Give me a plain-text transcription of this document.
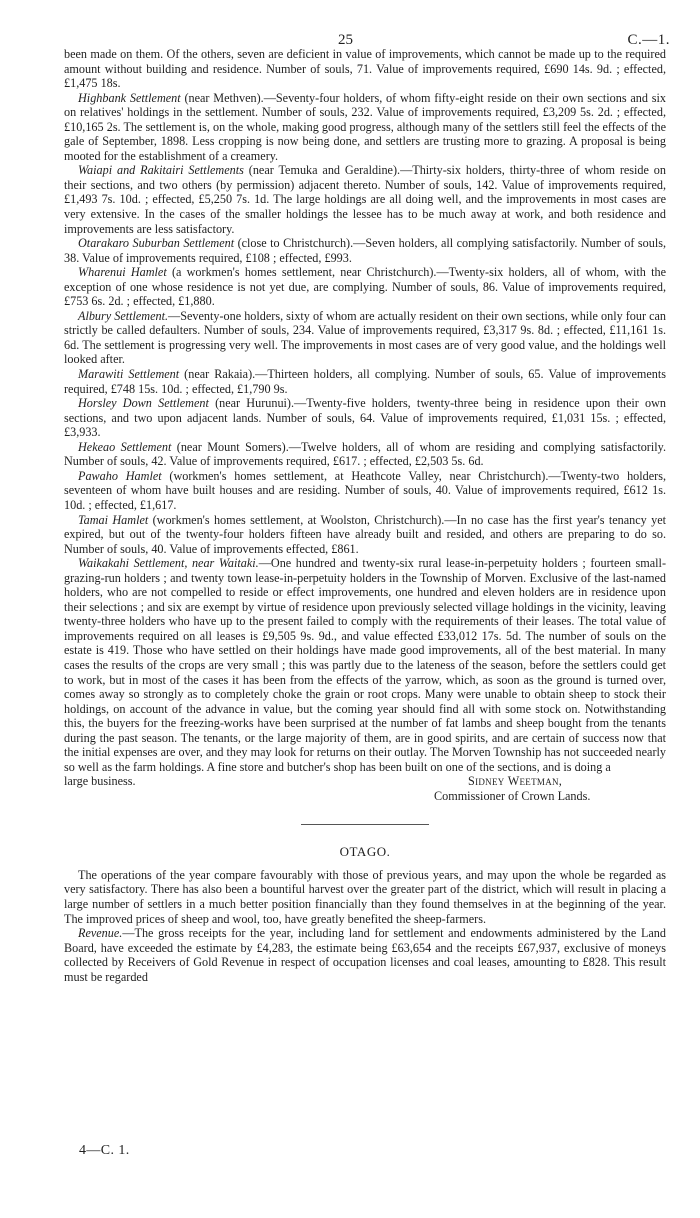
25	C.—1.

been made on them. Of the others, seven are deficient in value of improvements, which cannot be made up to the required amount without building and residence. Number of souls, 71. Value of improvements required, £690 14s. 9d. ; effected, £1,475 18s.

Highbank Settlement (near Methven).—Seventy-four holders, of whom fifty-eight reside on their own sections and six on relatives' holdings in the settlement. Number of souls, 232. Value of improvements required, £3,209 5s. 2d. ; effected, £10,165 2s. The settlement is, on the whole, making good progress, although many of the settlers still feel the effects of the gale of September, 1898. Less cropping is now being done, and settlers are trusting more to grazing. A proposal is being mooted for the establishment of a creamery.

Waiapi and Rakitairi Settlements (near Temuka and Geraldine).—Thirty-six holders, thirty-three of whom reside on their sections, and two others (by permission) adjacent thereto. Number of souls, 142. Value of improvements required, £1,493 7s. 10d. ; effected, £5,250 7s. 1d. The large holdings are all doing well, and the improvements in most cases are very extensive. In the cases of the smaller holdings the lessee has to be much away at work, and both residence and improvements are less satisfactory.

Otarakaro Suburban Settlement (close to Christchurch).—Seven holders, all complying satisfactorily. Number of souls, 38. Value of improvements required, £108 ; effected, £993.

Wharenui Hamlet (a workmen's homes settlement, near Christchurch).—Twenty-six holders, all of whom, with the exception of one whose residence is not yet due, are complying. Number of souls, 86. Value of improvements required, £753 6s. 2d. ; effected, £1,880.

Albury Settlement.—Seventy-one holders, sixty of whom are actually resident on their own sections, while only four can strictly be called defaulters. Number of souls, 234. Value of improvements required, £3,317 9s. 8d. ; effected, £11,161 1s. 6d. The settlement is progressing very well. The improvements in most cases are of very good value, and the holdings well looked after.

Marawiti Settlement (near Rakaia).—Thirteen holders, all complying. Number of souls, 65. Value of improvements required, £748 15s. 10d. ; effected, £1,790 9s.

Horsley Down Settlement (near Hurunui).—Twenty-five holders, twenty-three being in residence upon their own sections, and two upon adjacent lands. Number of souls, 64. Value of improvements required, £1,031 15s. ; effected, £3,933.

Hekeao Settlement (near Mount Somers).—Twelve holders, all of whom are residing and complying satisfactorily. Number of souls, 42. Value of improvements required, £617. ; effected, £2,503 5s. 6d.

Pawaho Hamlet (workmen's homes settlement, at Heathcote Valley, near Christchurch).—Twenty-two holders, seventeen of whom have built houses and are residing. Number of souls, 40. Value of improvements required, £612 1s. 10d. ; effected, £1,617.

Tamai Hamlet (workmen's homes settlement, at Woolston, Christchurch).—In no case has the first year's tenancy yet expired, but out of the twenty-four holders fifteen have already built and resided, and others are preparing to do so. Number of souls, 40. Value of improvements effected, £861.

Waikakahi Settlement, near Waitaki.—One hundred and twenty-six rural lease-in-perpetuity holders ; fourteen small-grazing-run holders ; and twenty town lease-in-perpetuity holders in the Township of Morven. Exclusive of the last-named holders, who are not compelled to reside or effect improvements, one hundred and eleven holders are in residence upon their selections ; and six are exempt by virtue of residence upon previously selected village holdings in the vicinity, leaving twenty-three holders who have up to the present failed to comply with the requirements of their leases. The total value of improvements required on all leases is £9,505 9s. 9d., and value effected £33,012 17s. 5d. The number of souls on the estate is 419. Those who have settled on their holdings have made good improvements, all of the best material. In many cases the results of the crops are very small ; this was partly due to the lateness of the season, before the settlers could get to work, but in most of the cases it has been from the effects of the yarrow, which, as soon as the ground is turned over, comes away so strongly as to completely choke the grain or root crops. Many were unable to obtain sheep to stock their holdings, on account of the advance in value, but the coming year should find all with some stock on. Notwithstanding this, the buyers for the freezing-works have been surprised at the number of fat lambs and sheep bought from the tenants during the past season. The tenants, or the large majority of them, are in good spirits, and are certain of success now that the initial expenses are over, and they may look for returns on their outlay. The Morven Township has not succeeded nearly so well as the farm holdings. A fine store and butcher's shop has been built on one of the sections, and is doing a

large business.	Sidney Weetman,
Commissioner of Crown Lands.
OTAGO.

The operations of the year compare favourably with those of previous years, and may upon the whole be regarded as very satisfactory. There has also been a bountiful harvest over the greater part of the district, which will result in placing a large number of settlers in a much better position financially than they found themselves in at the beginning of the year. The improved prices of sheep and wool, too, have greatly benefited the sheep-farmers.

Revenue.—The gross receipts for the year, including land for settlement and endowments administered by the Land Board, have exceeded the estimate by £4,283, the estimate being £63,654 and the receipts £67,937, exclusive of moneys collected by Receivers of Gold Revenue in respect of occupation licenses and coal leases, amounting to £828. This result must be regarded

4—C. 1.
